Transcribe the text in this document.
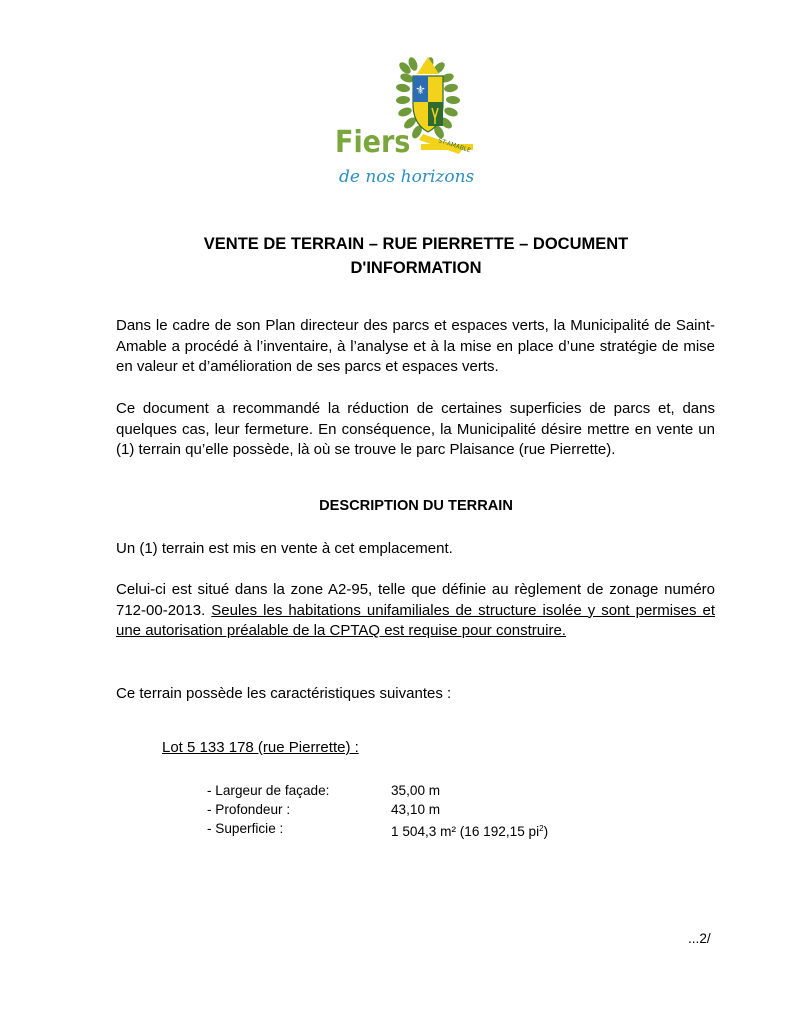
⚜
ST-AMABLE
Fiers
de nos horizons
VENTE DE TERRAIN – RUE PIERRETTE – DOCUMENT
D'INFORMATION
Dans le cadre de son Plan directeur des parcs et espaces verts, la Municipalité de Saint-Amable a procédé à l’inventaire, à l’analyse et à la mise en place d’une stratégie de mise en valeur et d’amélioration de ses parcs et espaces verts.
Ce document a recommandé la réduction de certaines superficies de parcs et, dans quelques cas, leur fermeture. En conséquence, la Municipalité désire mettre en vente un (1) terrain qu’elle possède, là où se trouve le parc Plaisance (rue Pierrette).
DESCRIPTION DU TERRAIN
Un (1) terrain est mis en vente à cet emplacement.
Celui-ci est situé dans la zone A2-95, telle que définie au règlement de zonage numéro 712-00-2013. Seules les habitations unifamiliales de structure isolée y sont permises et une autorisation préalable de la CPTAQ est requise pour construire.
Ce terrain possède les caractéristiques suivantes :
Lot 5 133 178 (rue Pierrette) :
- Largeur de façade:	35,00 m
- Profondeur :	43,10 m
- Superficie :	1 504,3 m² (16 192,15 $pi^2$)
...2/
